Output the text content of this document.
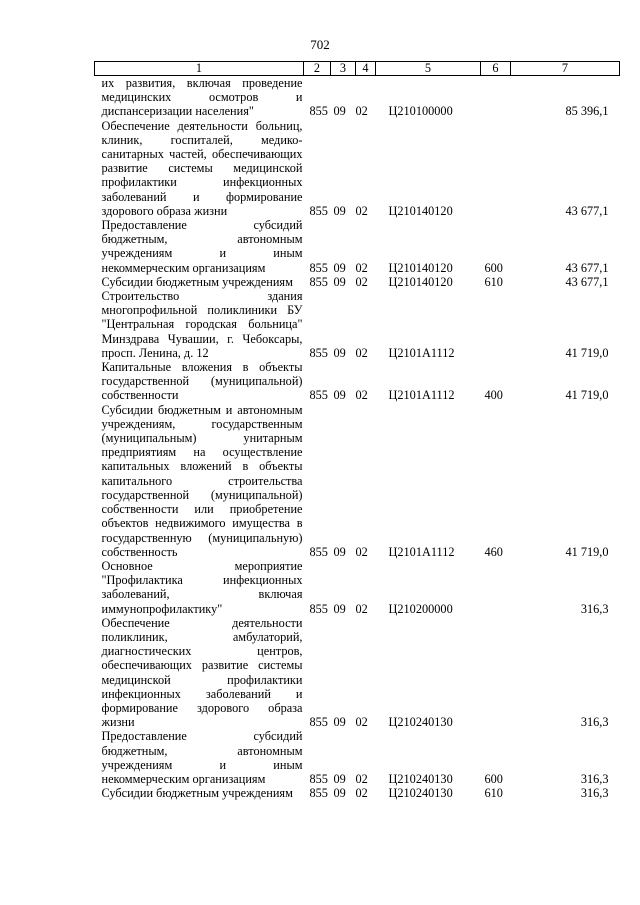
702
1	2	3	4	5	6	7

их развития, включая проведение медицинских осмотров и диспансеризации населения"	855	09	02	Ц210100000		85 396,1

Обеспечение деятельности больниц, клиник, госпиталей, медико-санитарных частей, обеспечивающих развитие системы медицинской профилактики инфекционных заболеваний и формирование здорового образа жизни	855	09	02	Ц210140120		43 677,1

Предоставление субсидий бюджетным, автономным учреждениям и иным некоммерческим организациям	855	09	02	Ц210140120	600	43 677,1

Субсидии бюджетным учреждениям	855	09	02	Ц210140120	610	43 677,1

Строительство здания многопрофильной поликлиники БУ "Центральная городская больница" Минздрава Чувашии, г. Чебоксары, просп. Ленина, д. 12	855	09	02	Ц2101А1112		41 719,0

Капитальные вложения в объекты государственной (муниципальной) собственности	855	09	02	Ц2101А1112	400	41 719,0

Субсидии бюджетным и автономным учреждениям, государственным (муниципальным) унитарным предприятиям на осуществление капитальных вложений в объекты капитального строительства государственной (муниципальной) собственности или приобретение объектов недвижимого имущества в государственную (муниципальную) собственность	855	09	02	Ц2101А1112	460	41 719,0

Основное мероприятие "Профилактика инфекционных заболеваний, включая иммунопрофилактику"	855	09	02	Ц210200000		316,3

Обеспечение деятельности поликлиник, амбулаторий, диагностических центров, обеспечивающих развитие системы медицинской профилактики инфекционных заболеваний и формирование здорового образа жизни	855	09	02	Ц210240130		316,3

Предоставление субсидий бюджетным, автономным учреждениям и иным некоммерческим организациям	855	09	02	Ц210240130	600	316,3

Субсидии бюджетным учреждениям	855	09	02	Ц210240130	610	316,3
